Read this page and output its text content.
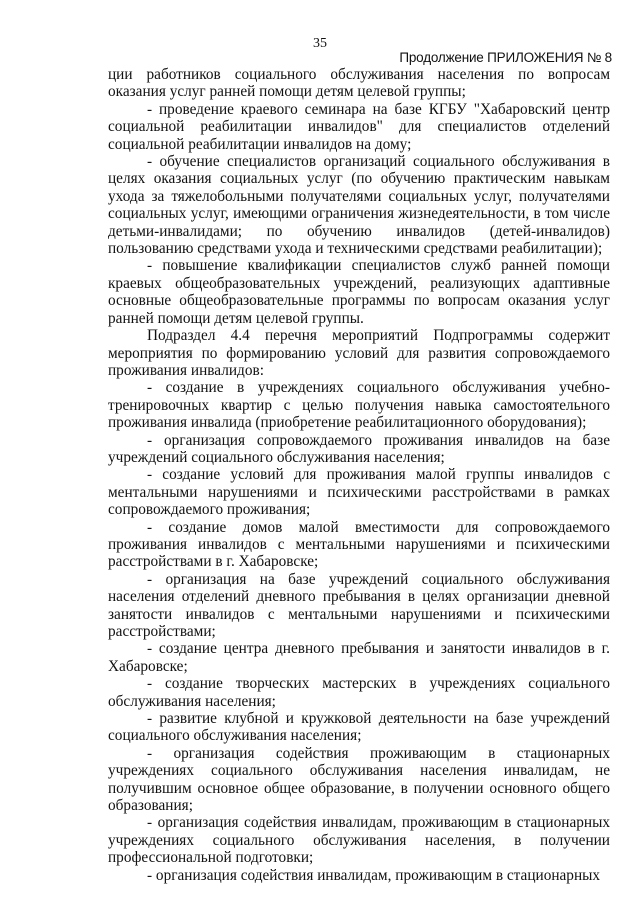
35
Продолжение ПРИЛОЖЕНИЯ № 8

ции работников социального обслуживания населения по вопросам оказания услуг ранней помощи детям целевой группы;

- проведение краевого семинара на базе КГБУ "Хабаровский центр социальной реабилитации инвалидов" для специалистов отделений социальной реабилитации инвалидов на дому;

- обучение специалистов организаций социального обслуживания в целях оказания социальных услуг (по обучению практическим навыкам ухода за тяжелобольными получателями социальных услуг, получателями социальных услуг, имеющими ограничения жизнедеятельности, в том числе детьми-инвалидами; по обучению инвалидов (детей-инвалидов) пользованию средствами ухода и техническими средствами реабилитации);

- повышение квалификации специалистов служб ранней помощи краевых общеобразовательных учреждений, реализующих адаптивные основные общеобразовательные программы по вопросам оказания услуг ранней помощи детям целевой группы.

Подраздел 4.4 перечня мероприятий Подпрограммы содержит мероприятия по формированию условий для развития сопровождаемого проживания инвалидов:

- создание в учреждениях социального обслуживания учебно-тренировочных квартир с целью получения навыка самостоятельного проживания инвалида (приобретение реабилитационного оборудования);

- организация сопровождаемого проживания инвалидов на базе учреждений социального обслуживания населения;

- создание условий для проживания малой группы инвалидов с ментальными нарушениями и психическими расстройствами в рамках сопровождаемого проживания;

- создание домов малой вместимости для сопровождаемого проживания инвалидов с ментальными нарушениями и психическими расстройствами в г. Хабаровске;

- организация на базе учреждений социального обслуживания населения отделений дневного пребывания в целях организации дневной занятости инвалидов с ментальными нарушениями и психическими расстройствами;

- создание центра дневного пребывания и занятости инвалидов в г. Хабаровске;

- создание творческих мастерских в учреждениях социального обслуживания населения;

- развитие клубной и кружковой деятельности на базе учреждений социального обслуживания населения;

- организация содействия проживающим в стационарных учреждениях социального обслуживания населения инвалидам, не получившим основное общее образование, в получении основного общего образования;

- организация содействия инвалидам, проживающим в стационарных учреждениях социального обслуживания населения, в получении профессиональной подготовки;

- организация содействия инвалидам, проживающим в стационарных
